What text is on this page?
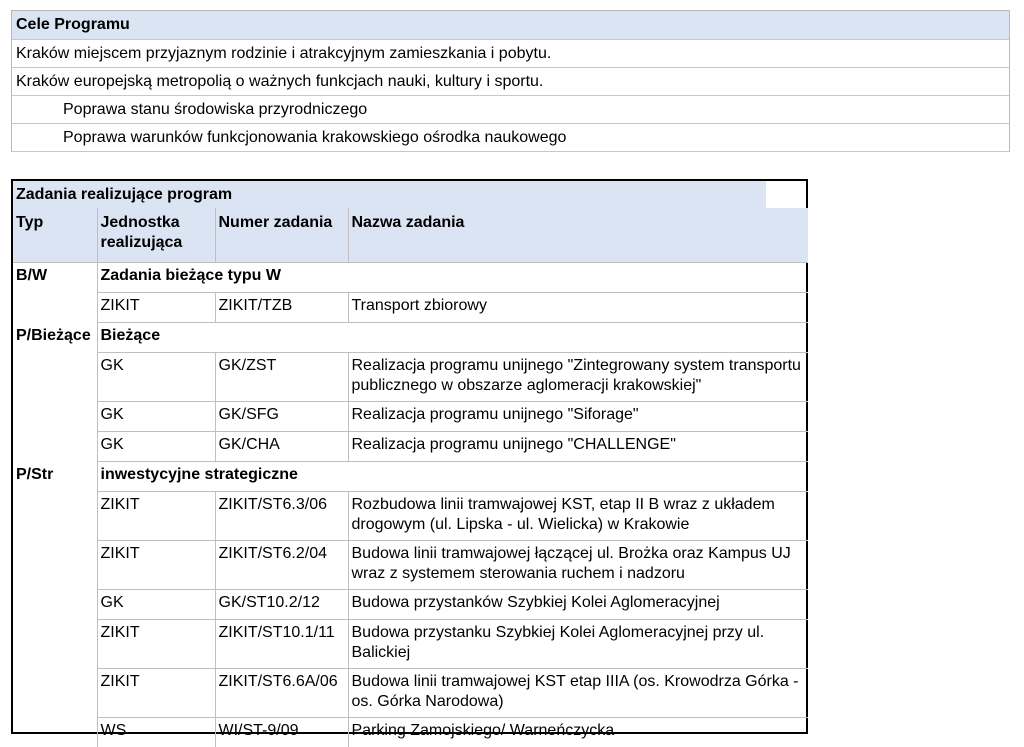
Cele Programu
Kraków miejscem przyjaznym rodzinie i atrakcyjnym zamieszkania i pobytu.
Kraków europejską metropolią o ważnych funkcjach nauki, kultury i sportu.
Poprawa stanu środowiska przyrodniczego
Poprawa warunków funkcjonowania krakowskiego ośrodka naukowego
Zadania realizujące program			

Typ	Jednostka realizująca	Numer zadania	Nazwa zadania
B/W	Zadania bieżące typu W		
	ZIKIT	ZIKIT/TZB	Transport zbiorowy
P/Bieżące	Bieżące		
	GK	GK/ZST	Realizacja programu unijnego "Zintegrowany system transportu publicznego w obszarze aglomeracji krakowskiej"
	GK	GK/SFG	Realizacja programu unijnego "Siforage"
	GK	GK/CHA	Realizacja programu unijnego "CHALLENGE"
P/Str	inwestycyjne strategiczne		
	ZIKIT	ZIKIT/ST6.3/06	Rozbudowa linii tramwajowej KST, etap II B wraz z układem drogowym (ul. Lipska - ul. Wielicka) w Krakowie
	ZIKIT	ZIKIT/ST6.2/04	Budowa linii tramwajowej łączącej ul. Brożka oraz Kampus UJ wraz z systemem sterowania ruchem i nadzoru
	GK	GK/ST10.2/12	Budowa przystanków Szybkiej Kolei Aglomeracyjnej
	ZIKIT	ZIKIT/ST10.1/11	Budowa przystanku Szybkiej Kolei Aglomeracyjnej przy ul. Balickiej
	ZIKIT	ZIKIT/ST6.6A/06	Budowa linii tramwajowej KST etap IIIA (os. Krowodrza Górka - os. Górka Narodowa)
	WS	WI/ST-9/09	Parking Zamojskiego/ Warneńczycka
